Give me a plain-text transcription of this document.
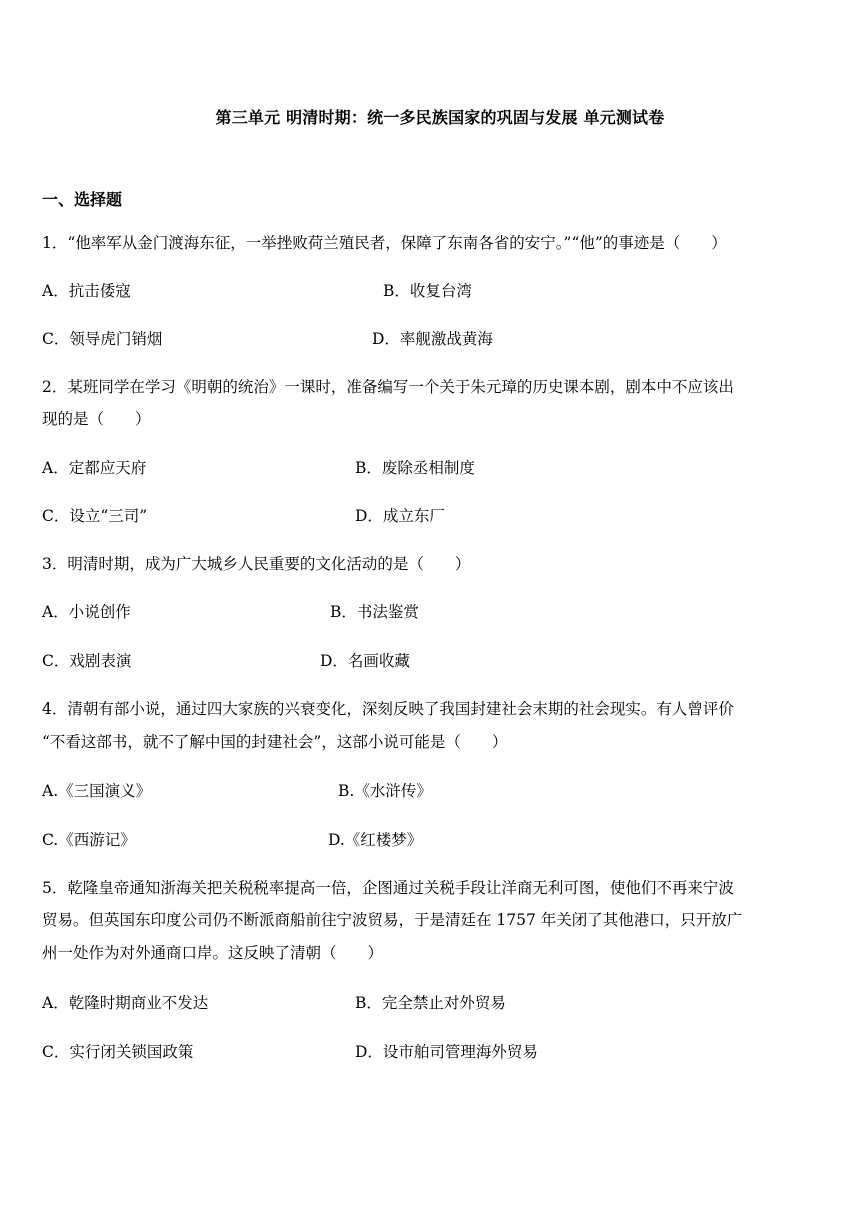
第三单元 明清时期：统一多民族国家的巩固与发展 单元测试卷
一、选择题
1．“他率军从金门渡海东征，一举挫败荷兰殖民者，保障了东南各省的安宁。”“他”的事迹是（　　）
A．抗击倭寇	B．收复台湾
C．领导虎门销烟	D．率舰激战黄海
2．某班同学在学习《明朝的统治》一课时，准备编写一个关于朱元璋的历史课本剧，剧本中不应该出
现的是（　　）
A．定都应天府	B．废除丞相制度
C．设立“三司”	D．成立东厂
3．明清时期，成为广大城乡人民重要的文化活动的是（　　）
A．小说创作	B．书法鉴赏
C．戏剧表演	D．名画收藏
4．清朝有部小说，通过四大家族的兴衰变化，深刻反映了我国封建社会末期的社会现实。有人曾评价
“不看这部书，就不了解中国的封建社会”，这部小说可能是（　　）
A.《三国演义》	B.《水浒传》
C.《西游记》	D.《红楼梦》
5．乾隆皇帝通知浙海关把关税税率提高一倍，企图通过关税手段让洋商无利可图，使他们不再来宁波
贸易。但英国东印度公司仍不断派商船前往宁波贸易，于是清廷在 1757 年关闭了其他港口，只开放广
州一处作为对外通商口岸。这反映了清朝（　　）
A．乾隆时期商业不发达	B．完全禁止对外贸易
C．实行闭关锁国政策	D．设市舶司管理海外贸易
